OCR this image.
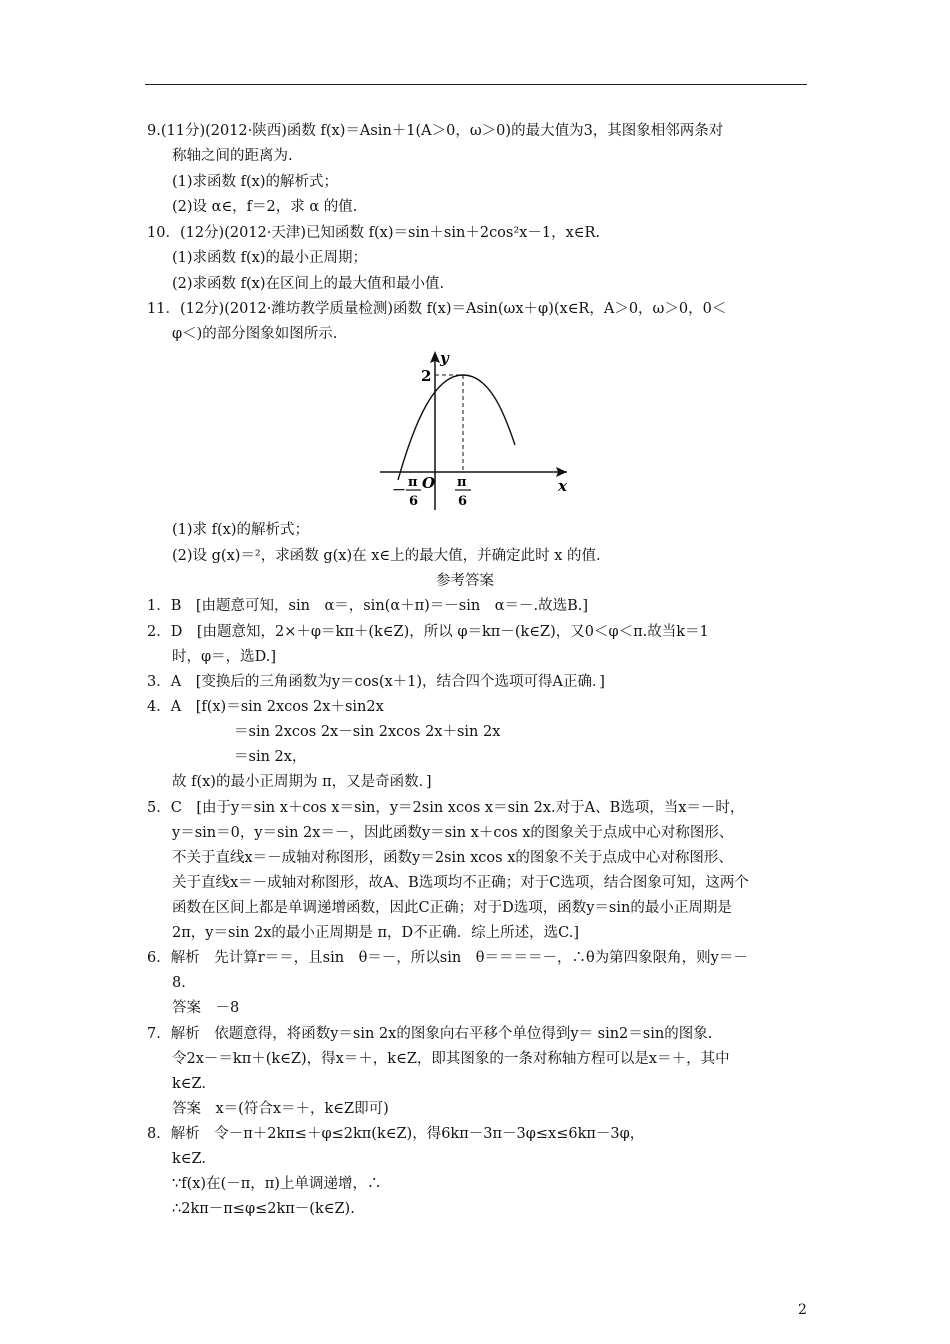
9.(11分)(2012·陕西)函数 f(x)＝Asin＋1(A＞0，ω＞0)的最大值为3，其图象相邻两条对
称轴之间的距离为.
(1)求函数 f(x)的解析式；
(2)设 α∈，f＝2，求 α 的值.
10．(12分)(2012·天津)已知函数 f(x)＝sin＋sin＋2cos²x－1，x∈R.
(1)求函数 f(x)的最小正周期；
(2)求函数 f(x)在区间上的最大值和最小值.
11．(12分)(2012·潍坊教学质量检测)函数 f(x)＝Asin(ωx＋φ)(x∈R，A＞0，ω＞0，0＜
φ＜)的部分图象如图所示.
y
x
2
O
－
π
6
π
6
(1)求 f(x)的解析式；
(2)设 g(x)＝²，求函数 g(x)在 x∈上的最大值，并确定此时 x 的值.
参考答案
1．B　[由题意可知，sin　α＝，sin(α＋π)＝－sin　α＝－.故选B.]
2．D　[由题意知，2×＋φ＝kπ＋(k∈Z)，所以 φ＝kπ－(k∈Z)，又0＜φ＜π.故当k＝1
时，φ＝，选D.]
3．A　[变换后的三角函数为y＝cos(x＋1)，结合四个选项可得A正确．]
4．A　[f(x)＝sin 2xcos 2x＋sin2x
＝sin 2xcos 2x－sin 2xcos 2x＋sin 2x
＝sin 2x，
故 f(x)的最小正周期为 π，又是奇函数．]
5．C　[由于y＝sin x＋cos x＝sin，y＝2sin xcos x＝sin 2x.对于A、B选项，当x＝－时，
y＝sin＝0，y＝sin 2x＝－，因此函数y＝sin x＋cos x的图象关于点成中心对称图形、
不关于直线x＝－成轴对称图形，函数y＝2sin xcos x的图象不关于点成中心对称图形、
关于直线x＝－成轴对称图形，故A、B选项均不正确；对于C选项，结合图象可知，这两个
函数在区间上都是单调递增函数，因此C正确；对于D选项，函数y＝sin的最小正周期是
2π，y＝sin 2x的最小正周期是 π，D不正确．综上所述，选C.]
6．解析　先计算r＝＝，且sin　θ＝－，所以sin　θ＝＝＝＝－，∴θ为第四象限角，则y＝－
8.
答案　－8
7．解析　依题意得，将函数y＝sin 2x的图象向右平移个单位得到y＝ sin2＝sin的图象.
令2x－＝kπ＋(k∈Z)，得x＝＋，k∈Z，即其图象的一条对称轴方程可以是x＝＋，其中
k∈Z.
答案　x＝(符合x＝＋，k∈Z即可)
8．解析　令－π＋2kπ≤＋φ≤2kπ(k∈Z)，得6kπ－3π－3φ≤x≤6kπ－3φ，
k∈Z.
∵f(x)在(－π，π)上单调递增，∴
∴2kπ－π≤φ≤2kπ－(k∈Z).
2
